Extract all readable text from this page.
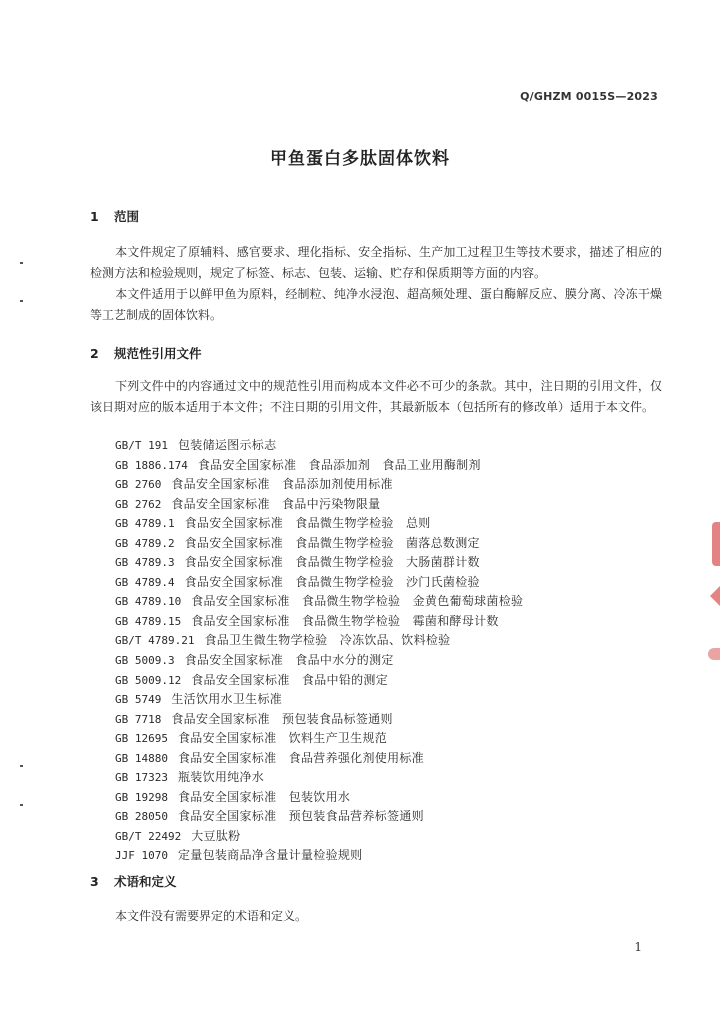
Q/GHZM 0015S—2023
甲鱼蛋白多肽固体饮料
1 范围
本文件规定了原辅料、感官要求、理化指标、安全指标、生产加工过程卫生等技术要求，描述了相应的检测方法和检验规则，规定了标签、标志、包装、运输、贮存和保质期等方面的内容。
本文件适用于以鲜甲鱼为原料，经制粒、纯净水浸泡、超高频处理、蛋白酶解反应、膜分离、冷冻干燥等工艺制成的固体饮料。
2 规范性引用文件
下列文件中的内容通过文中的规范性引用而构成本文件必不可少的条款。其中，注日期的引用文件，仅该日期对应的版本适用于本文件；不注日期的引用文件，其最新版本（包括所有的修改单）适用于本文件。
GB/T 191 包装储运图示标志
GB 1886.174 食品安全国家标准　食品添加剂　食品工业用酶制剂
GB 2760 食品安全国家标准　食品添加剂使用标准
GB 2762 食品安全国家标准　食品中污染物限量
GB 4789.1 食品安全国家标准　食品微生物学检验　总则
GB 4789.2 食品安全国家标准　食品微生物学检验　菌落总数测定
GB 4789.3 食品安全国家标准　食品微生物学检验　大肠菌群计数
GB 4789.4 食品安全国家标准　食品微生物学检验　沙门氏菌检验
GB 4789.10 食品安全国家标准　食品微生物学检验　金黄色葡萄球菌检验
GB 4789.15 食品安全国家标准　食品微生物学检验　霉菌和酵母计数
GB/T 4789.21 食品卫生微生物学检验　冷冻饮品、饮料检验
GB 5009.3 食品安全国家标准　食品中水分的测定
GB 5009.12 食品安全国家标准　食品中铅的测定
GB 5749 生活饮用水卫生标准
GB 7718 食品安全国家标准　预包装食品标签通则
GB 12695 食品安全国家标准　饮料生产卫生规范
GB 14880 食品安全国家标准　食品营养强化剂使用标准
GB 17323 瓶装饮用纯净水
GB 19298 食品安全国家标准　包装饮用水
GB 28050 食品安全国家标准　预包装食品营养标签通则
GB/T 22492 大豆肽粉
JJF 1070 定量包装商品净含量计量检验规则
3 术语和定义
本文件没有需要界定的术语和定义。
1
